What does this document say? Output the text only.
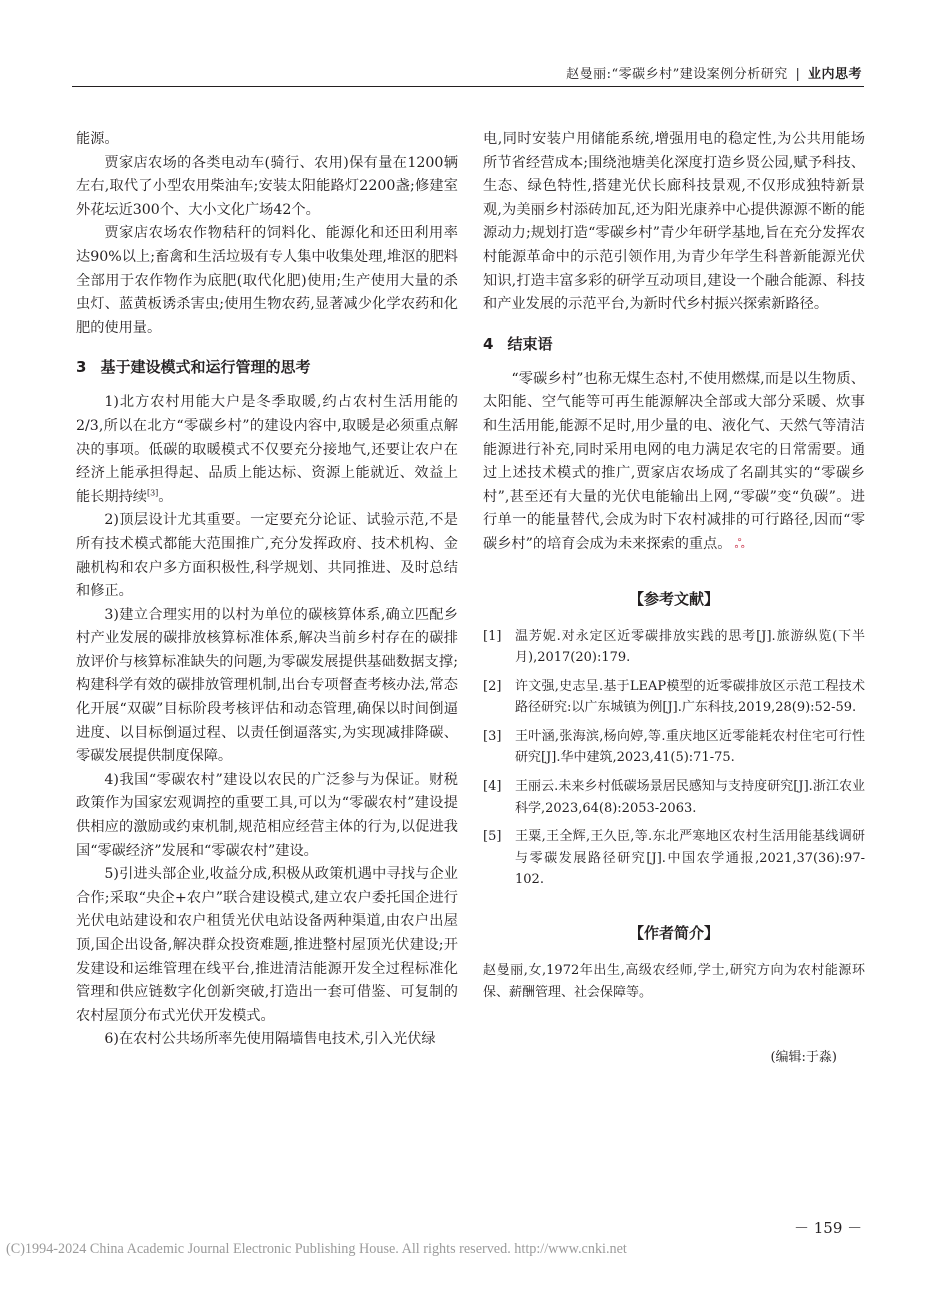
赵曼丽:“零碳乡村”建设案例分析研究 | 业内思考

能源。

贾家店农场的各类电动车(骑行、农用)保有量在1200辆左右,取代了小型农用柴油车;安装太阳能路灯2200盏;修建室外花坛近300个、大小文化广场42个。

贾家店农场农作物秸秆的饲料化、能源化和还田利用率达90%以上;畜禽和生活垃圾有专人集中收集处理,堆沤的肥料全部用于农作物作为底肥(取代化肥)使用;生产使用大量的杀虫灯、蓝黄板诱杀害虫;使用生物农药,显著减少化学农药和化肥的使用量。

3 基于建设模式和运行管理的思考

1)北方农村用能大户是冬季取暖,约占农村生活用能的2/3,所以在北方“零碳乡村”的建设内容中,取暖是必须重点解决的事项。低碳的取暖模式不仅要充分接地气,还要让农户在经济上能承担得起、品质上能达标、资源上能就近、效益上能长期持续[3]。

2)顶层设计尤其重要。一定要充分论证、试验示范,不是所有技术模式都能大范围推广,充分发挥政府、技术机构、金融机构和农户多方面积极性,科学规划、共同推进、及时总结和修正。

3)建立合理实用的以村为单位的碳核算体系,确立匹配乡村产业发展的碳排放核算标准体系,解决当前乡村存在的碳排放评价与核算标准缺失的问题,为零碳发展提供基础数据支撑;构建科学有效的碳排放管理机制,出台专项督查考核办法,常态化开展“双碳”目标阶段考核评估和动态管理,确保以时间倒逼进度、以目标倒逼过程、以责任倒逼落实,为实现减排降碳、零碳发展提供制度保障。

4)我国“零碳农村”建设以农民的广泛参与为保证。财税政策作为国家宏观调控的重要工具,可以为“零碳农村”建设提供相应的激励或约束机制,规范相应经营主体的行为,以促进我国“零碳经济”发展和“零碳农村”建设。

5)引进头部企业,收益分成,积极从政策机遇中寻找与企业合作;采取“央企+农户”联合建设模式,建立农户委托国企进行光伏电站建设和农户租赁光伏电站设备两种渠道,由农户出屋顶,国企出设备,解决群众投资难题,推进整村屋顶光伏建设;开发建设和运维管理在线平台,推进清洁能源开发全过程标准化管理和供应链数字化创新突破,打造出一套可借鉴、可复制的农村屋顶分布式光伏开发模式。

6)在农村公共场所率先使用隔墙售电技术,引入光伏绿

电,同时安装户用储能系统,增强用电的稳定性,为公共用能场所节省经营成本;围绕池塘美化深度打造乡贤公园,赋予科技、生态、绿色特性,搭建光伏长廊科技景观,不仅形成独特新景观,为美丽乡村添砖加瓦,还为阳光康养中心提供源源不断的能源动力;规划打造“零碳乡村”青少年研学基地,旨在充分发挥农村能源革命中的示范引领作用,为青少年学生科普新能源光伏知识,打造丰富多彩的研学互动项目,建设一个融合能源、科技和产业发展的示范平台,为新时代乡村振兴探索新路径。

4 结束语

“零碳乡村”也称无煤生态村,不使用燃煤,而是以生物质、太阳能、空气能等可再生能源解决全部或大部分采暖、炊事和生活用能,能源不足时,用少量的电、液化气、天然气等清洁能源进行补充,同时采用电网的电力满足农宅的日常需要。通过上述技术模式的推广,贾家店农场成了名副其实的“零碳乡村”,甚至还有大量的光伏电能输出上网,“零碳”变“负碳”。进行单一的能量替代,会成为时下农村减排的可行路径,因而“零碳乡村”的培育会成为未来探索的重点。 ஃ

【参考文献】
[1] 温芳妮.对永定区近零碳排放实践的思考[J].旅游纵览(下半月),2017(20):179.
[2] 许文强,史志呈.基于LEAP模型的近零碳排放区示范工程技术路径研究:以广东城镇为例[J].广东科技,2019,28(9):52-59.
[3] 王叶涵,张海滨,杨向婷,等.重庆地区近零能耗农村住宅可行性研究[J].华中建筑,2023,41(5):71-75.
[4] 王丽云.未来乡村低碳场景居民感知与支持度研究[J].浙江农业科学,2023,64(8):2053-2063.
[5] 王粟,王全辉,王久臣,等.东北严寒地区农村生活用能基线调研与零碳发展路径研究[J].中国农学通报,2021,37(36):97-102.
【作者简介】

赵曼丽,女,1972年出生,高级农经师,学士,研究方向为农村能源环保、薪酬管理、社会保障等。

(编辑:于淼)
－ 159 －
(C)1994-2024 China Academic Journal Electronic Publishing House. All rights reserved. http://www.cnki.net
